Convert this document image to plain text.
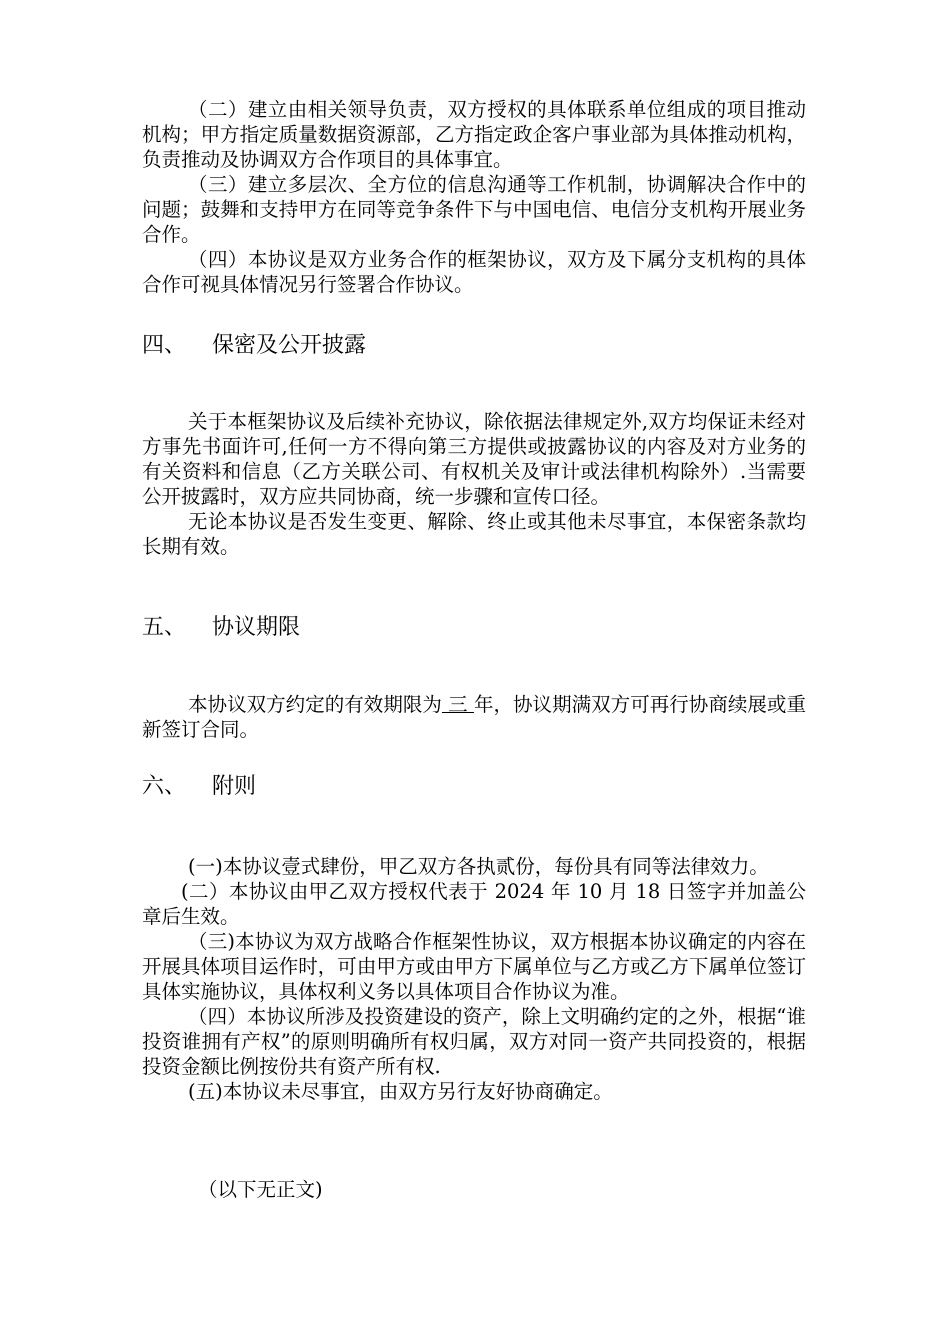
（二）建立由相关领导负责，双方授权的具体联系单位组成的项目推动机构；甲方指定质量数据资源部，乙方指定政企客户事业部为具体推动机构，负责推动及协调双方合作项目的具体事宜。

（三）建立多层次、全方位的信息沟通等工作机制，协调解决合作中的问题；鼓舞和支持甲方在同等竞争条件下与中国电信、电信分支机构开展业务合作。

（四）本协议是双方业务合作的框架协议，双方及下属分支机构的具体合作可视具体情况另行签署合作协议。

四、 保密及公开披露

关于本框架协议及后续补充协议，除依据法律规定外,双方均保证未经对方事先书面许可,任何一方不得向第三方提供或披露协议的内容及对方业务的有关资料和信息（乙方关联公司、有权机关及审计或法律机构除外）.当需要公开披露时，双方应共同协商，统一步骤和宣传口径。

无论本协议是否发生变更、解除、终止或其他未尽事宜，本保密条款均长期有效。

五、 协议期限

本协议双方约定的有效期限为 三 年，协议期满双方可再行协商续展或重新签订合同。

六、 附则

(一)本协议壹式肆份，甲乙双方各执贰份，每份具有同等法律效力。

(二）本协议由甲乙双方授权代表于 2024 年 10 月 18 日签字并加盖公章后生效。

（三)本协议为双方战略合作框架性协议，双方根据本协议确定的内容在开展具体项目运作时，可由甲方或由甲方下属单位与乙方或乙方下属单位签订具体实施协议，具体权利义务以具体项目合作协议为准。

（四）本协议所涉及投资建设的资产，除上文明确约定的之外，根据“谁投资谁拥有产权”的原则明确所有权归属，双方对同一资产共同投资的，根据投资金额比例按份共有资产所有权.

(五)本协议未尽事宜，由双方另行友好协商确定。

（以下无正文)
